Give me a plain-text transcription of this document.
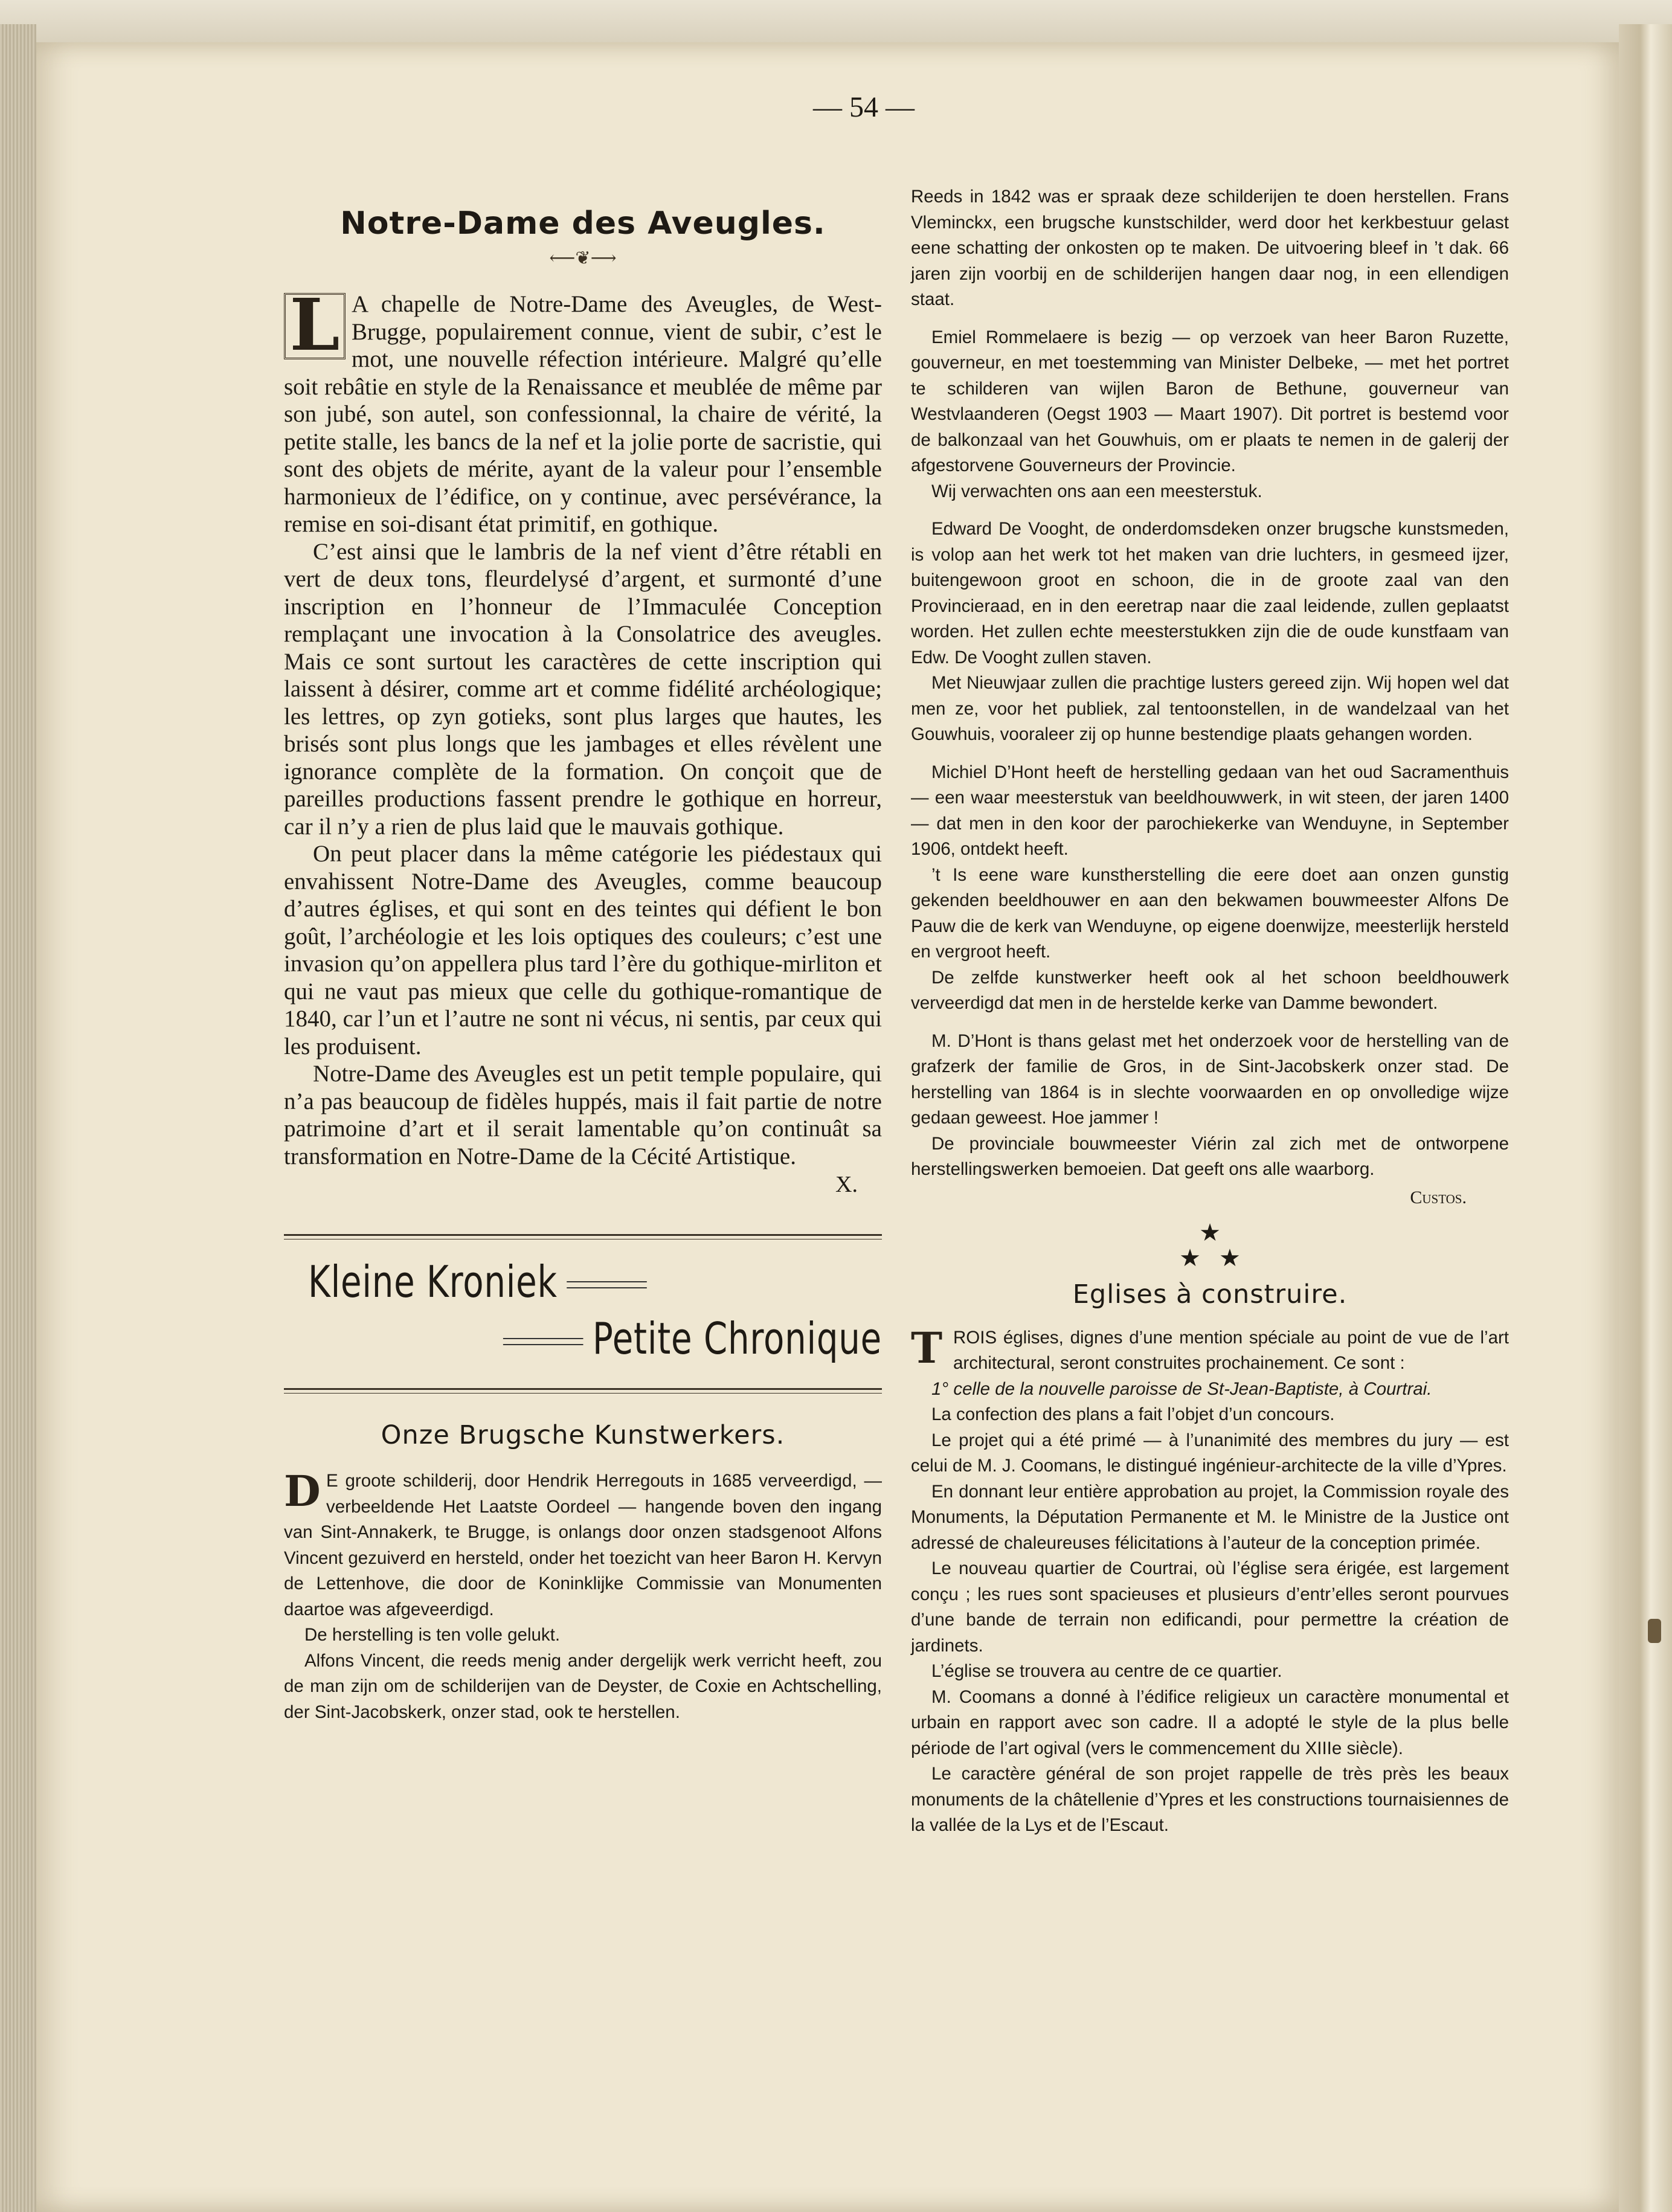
— 54 —
Notre-Dame des Aveugles.
⟵❦⟶

L A chapelle de Notre-Dame des Aveugles, de West-Brugge, populairement connue, vient de subir, c’est le mot, une nouvelle réfection intérieure. Malgré qu’elle soit rebâtie en style de la Renaissance et meublée de même par son jubé, son autel, son confessionnal, la chaire de vérité, la petite stalle, les bancs de la nef et la jolie porte de sacristie, qui sont des objets de mérite, ayant de la valeur pour l’ensemble harmonieux de l’édifice, on y continue, avec persévérance, la remise en soi-disant état primitif, en gothique.

C’est ainsi que le lambris de la nef vient d’être rétabli en vert de deux tons, fleurdelysé d’argent, et surmonté d’une inscription en l’honneur de l’Immaculée Conception remplaçant une invocation à la Consolatrice des aveugles. Mais ce sont surtout les caractères de cette inscription qui laissent à désirer, comme art et comme fidélité archéologique; les lettres, op zyn gotieks, sont plus larges que hautes, les brisés sont plus longs que les jambages et elles révèlent une ignorance complète de la formation. On conçoit que de pareilles productions fassent prendre le gothique en horreur, car il n’y a rien de plus laid que le mauvais gothique.

On peut placer dans la même catégorie les piédestaux qui envahissent Notre-Dame des Aveugles, comme beaucoup d’autres églises, et qui sont en des teintes qui défient le bon goût, l’archéologie et les lois optiques des couleurs; c’est une invasion qu’on appellera plus tard l’ère du gothique-mirliton et qui ne vaut pas mieux que celle du gothique-romantique de 1840, car l’un et l’autre ne sont ni vécus, ni sentis, par ceux qui les produisent.

Notre-Dame des Aveugles est un petit temple populaire, qui n’a pas beaucoup de fidèles huppés, mais il fait partie de notre patrimoine d’art et il serait lamentable qu’on continuât sa transformation en Notre-Dame de la Cécité Artistique.

X.
Kleine Kroniek
Petite Chronique
Onze Brugsche Kunstwerkers.

D E groote schilderij, door Hendrik Herregouts in 1685 verveerdigd, — verbeeldende Het Laatste Oordeel — hangende boven den ingang van Sint-Annakerk, te Brugge, is onlangs door onzen stadsgenoot Alfons Vincent gezuiverd en hersteld, onder het toezicht van heer Baron H. Kervyn de Lettenhove, die door de Koninklijke Commissie van Monumenten daartoe was afgeveerdigd.

De herstelling is ten volle gelukt.

Alfons Vincent, die reeds menig ander dergelijk werk verricht heeft, zou de man zijn om de schilderijen van de Deyster, de Coxie en Achtschelling, der Sint-Jacobskerk, onzer stad, ook te herstellen.

Reeds in 1842 was er spraak deze schilderijen te doen herstellen. Frans Vleminckx, een brugsche kunstschilder, werd door het kerkbestuur gelast eene schatting der onkosten op te maken. De uitvoering bleef in ’t dak. 66 jaren zijn voorbij en de schilderijen hangen daar nog, in een ellendigen staat.

Emiel Rommelaere is bezig — op verzoek van heer Baron Ruzette, gouverneur, en met toestemming van Minister Delbeke, — met het portret te schilderen van wijlen Baron de Bethune, gouverneur van Westvlaanderen (Oegst 1903 — Maart 1907). Dit portret is bestemd voor de balkonzaal van het Gouwhuis, om er plaats te nemen in de galerij der afgestorvene Gouverneurs der Provincie.

Wij verwachten ons aan een meesterstuk.

Edward De Vooght, de onderdomsdeken onzer brugsche kunstsmeden, is volop aan het werk tot het maken van drie luchters, in gesmeed ijzer, buitengewoon groot en schoon, die in de groote zaal van den Provincieraad, en in den eeretrap naar die zaal leidende, zullen geplaatst worden. Het zullen echte meesterstukken zijn die de oude kunstfaam van Edw. De Vooght zullen staven.

Met Nieuwjaar zullen die prachtige lusters gereed zijn. Wij hopen wel dat men ze, voor het publiek, zal tentoonstellen, in de wandelzaal van het Gouwhuis, vooraleer zij op hunne bestendige plaats gehangen worden.

Michiel D’Hont heeft de herstelling gedaan van het oud Sacramenthuis — een waar meesterstuk van beeldhouwwerk, in wit steen, der jaren 1400 — dat men in den koor der parochiekerke van Wenduyne, in September 1906, ontdekt heeft.

’t Is eene ware kunstherstelling die eere doet aan onzen gunstig gekenden beeldhouwer en aan den bekwamen bouwmeester Alfons De Pauw die de kerk van Wenduyne, op eigene doenwijze, meesterlijk hersteld en vergroot heeft.

De zelfde kunstwerker heeft ook al het schoon beeldhouwerk verveerdigd dat men in de herstelde kerke van Damme bewondert.

M. D’Hont is thans gelast met het onderzoek voor de herstelling van de grafzerk der familie de Gros, in de Sint-Jacobskerk onzer stad. De herstelling van 1864 is in slechte voorwaarden en op onvolledige wijze gedaan geweest. Hoe jammer !

De provinciale bouwmeester Viérin zal zich met de ontworpene herstellingswerken bemoeien. Dat geeft ons alle waarborg.

Custos.
★
★ ★
Eglises à construire.

TROIS églises, dignes d’une mention spéciale au point de vue de l’art architectural, seront construites prochainement. Ce sont :

1° celle de la nouvelle paroisse de St-Jean-Baptiste, à Courtrai.

La confection des plans a fait l’objet d’un concours.

Le projet qui a été primé — à l’unanimité des membres du jury — est celui de M. J. Coomans, le distingué ingénieur-architecte de la ville d’Ypres.

En donnant leur entière approbation au projet, la Commission royale des Monuments, la Députation Permanente et M. le Ministre de la Justice ont adressé de chaleureuses félicitations à l’auteur de la conception primée.

Le nouveau quartier de Courtrai, où l’église sera érigée, est largement conçu ; les rues sont spacieuses et plusieurs d’entr’elles seront pourvues d’une bande de terrain non edificandi, pour permettre la création de jardinets.

L’église se trouvera au centre de ce quartier.

M. Coomans a donné à l’édifice religieux un caractère monumental et urbain en rapport avec son cadre. Il a adopté le style de la plus belle période de l’art ogival (vers le commencement du XIIIe siècle).

Le caractère général de son projet rappelle de très près les beaux monuments de la châtellenie d’Ypres et les constructions tournaisiennes de la vallée de la Lys et de l’Escaut.
